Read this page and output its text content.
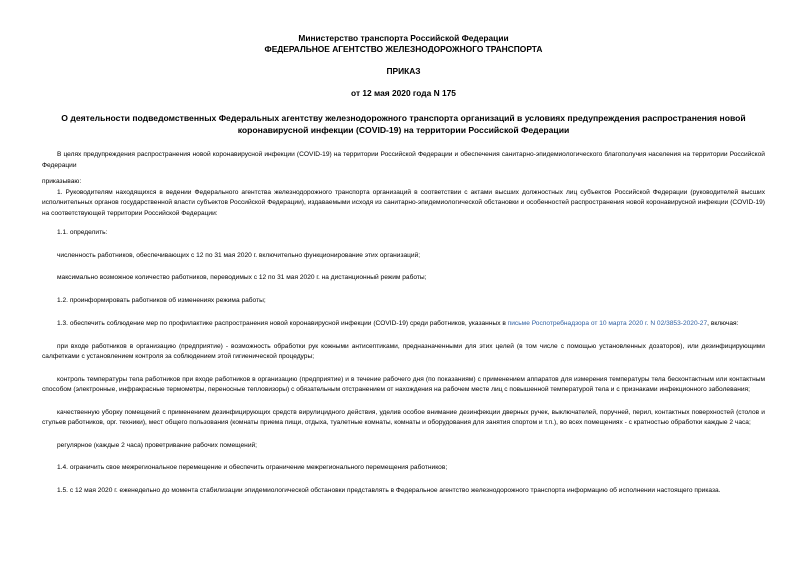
Министерство транспорта Российской Федерации
ФЕДЕРАЛЬНОЕ АГЕНТСТВО ЖЕЛЕЗНОДОРОЖНОГО ТРАНСПОРТА
ПРИКАЗ
от 12 мая 2020 года N 175
О деятельности подведомственных Федеральных агентству железнодорожного транспорта организаций в условиях предупреждения распространения новой коронавирусной инфекции (COVID-19) на территории Российской Федерации

В целях предупреждения распространения новой коронавирусной инфекции (COVID-19) на территории Российской Федерации и обеспечения санитарно-эпидемиологического благополучия населения на территории Российской Федерации

приказываю:

1. Руководителям находящихся в ведении Федерального агентства железнодорожного транспорта организаций в соответствии с актами высших должностных лиц субъектов Российской Федерации (руководителей высших исполнительных органов государственной власти субъектов Российской Федерации), издаваемыми исходя из санитарно-эпидемиологической обстановки и особенностей распространения новой коронавирусной инфекции (COVID-19) на соответствующей территории Российской Федерации:

1.1. определить:

численность работников, обеспечивающих с 12 по 31 мая 2020 г. включительно функционирование этих организаций;

максимально возможное количество работников, переводимых с 12 по 31 мая 2020 г. на дистанционный режим работы;

1.2. проинформировать работников об изменениях режима работы;

1.3. обеспечить соблюдение мер по профилактике распространения новой коронавирусной инфекции (COVID-19) среди работников, указанных в письме Роспотребнадзора от 10 марта 2020 г. N 02/3853-2020-27, включая:

при входе работников в организацию (предприятие) - возможность обработки рук кожными антисептиками, предназначенными для этих целей (в том числе с помощью установленных дозаторов), или дезинфицирующими салфетками с установлением контроля за соблюдением этой гигиенической процедуры;

контроль температуры тела работников при входе работников в организацию (предприятие) и в течение рабочего дня (по показаниям) с применением аппаратов для измерения температуры тела бесконтактным или контактным способом (электронные, инфракрасные термометры, переносные тепловизоры) с обязательным отстранением от нахождения на рабочем месте лиц с повышенной температурой тела и с признаками инфекционного заболевания;

качественную уборку помещений с применением дезинфицирующих средств вирулицидного действия, уделив особое внимание дезинфекции дверных ручек, выключателей, поручней, перил, контактных поверхностей (столов и стульев работников, орг. техники), мест общего пользования (комнаты приема пищи, отдыха, туалетные комнаты, комнаты и оборудования для занятия спортом и т.п.), во всех помещениях - с кратностью обработки каждые 2 часа;

регулярное (каждые 2 часа) проветривание рабочих помещений;

1.4. ограничить свое межрегиональное перемещение и обеспечить ограничение межрегионального перемещения работников;

1.5. с 12 мая 2020 г. еженедельно до момента стабилизации эпидемиологической обстановки представлять в Федеральное агентство железнодорожного транспорта информацию об исполнении настоящего приказа.
